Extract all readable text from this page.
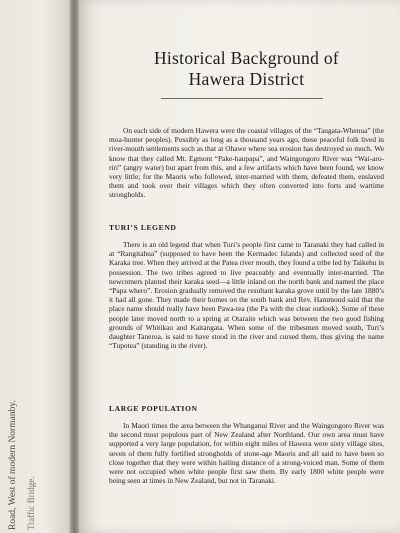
Road, West of modern Normanby. Traffic Bridge.
Historical Background of
Hawera District

On each side of modern Hawera were the coastal villages of the “Tangata-Whenua” (the moa-hunter peoples). Possibly as long as a thousand years ago, these peaceful folk lived in river-mouth settlements such as that at Ohawe where sea erosion has destroyed so much. We know that they called Mt. Egmont “Pake-haupapa”, and Waingongoro River was “Wai-aro-riri” (angry water) but apart from this, and a few artifacts which have been found, we know very little; for the Maoris who followed, inter-married with them, defeated them, enslaved them and took over their villages which they often converted into forts and wartime strongholds.

TURI’S LEGEND

There is an old legend that when Turi’s people first came to Taranaki they had called in at “Rangitahua” (supposed to have been the Kermadec Islands) and collected seed of the Karaka tree. When they arrived at the Patea river mouth, they found a tribe led by Taikehu in possession. The two tribes agreed to live peaceably and eventually inter-married. The newcomers planted their karaka seed—a little inland on the north bank and named the place “Papa whero”. Erosion gradually removed the resultant karaka grove until by the late 1880’s it had all gone. They made their homes on the south bank and Rev. Hammond said that the place name should really have been Pawa-tea (the Pa with the clear outlook). Some of these people later moved north to a spring at Otaraite which was between the two good fishing grounds of Whitikau and Kaitangata. When some of the tribesmen moved south, Turi’s daughter Taneroa, is said to have stood in the river and cursed them, thus giving the name “Tupotea” (standing in the river).

LARGE POPULATION

In Maori times the area between the Whanganui River and the Waingongoro River was the second most populous part of New Zealand after Northland. Our own area must have supported a very large population, for within eight miles of Hawera were sixty village sites, seven of them fully fortified strongholds of stone-age Maoris and all said to have been so close together that they were within hailing distance of a strong-voiced man. Some of them were not occupied when white people first saw them. By early 1800 white people were being seen at times in New Zealand, but not in Taranaki.
